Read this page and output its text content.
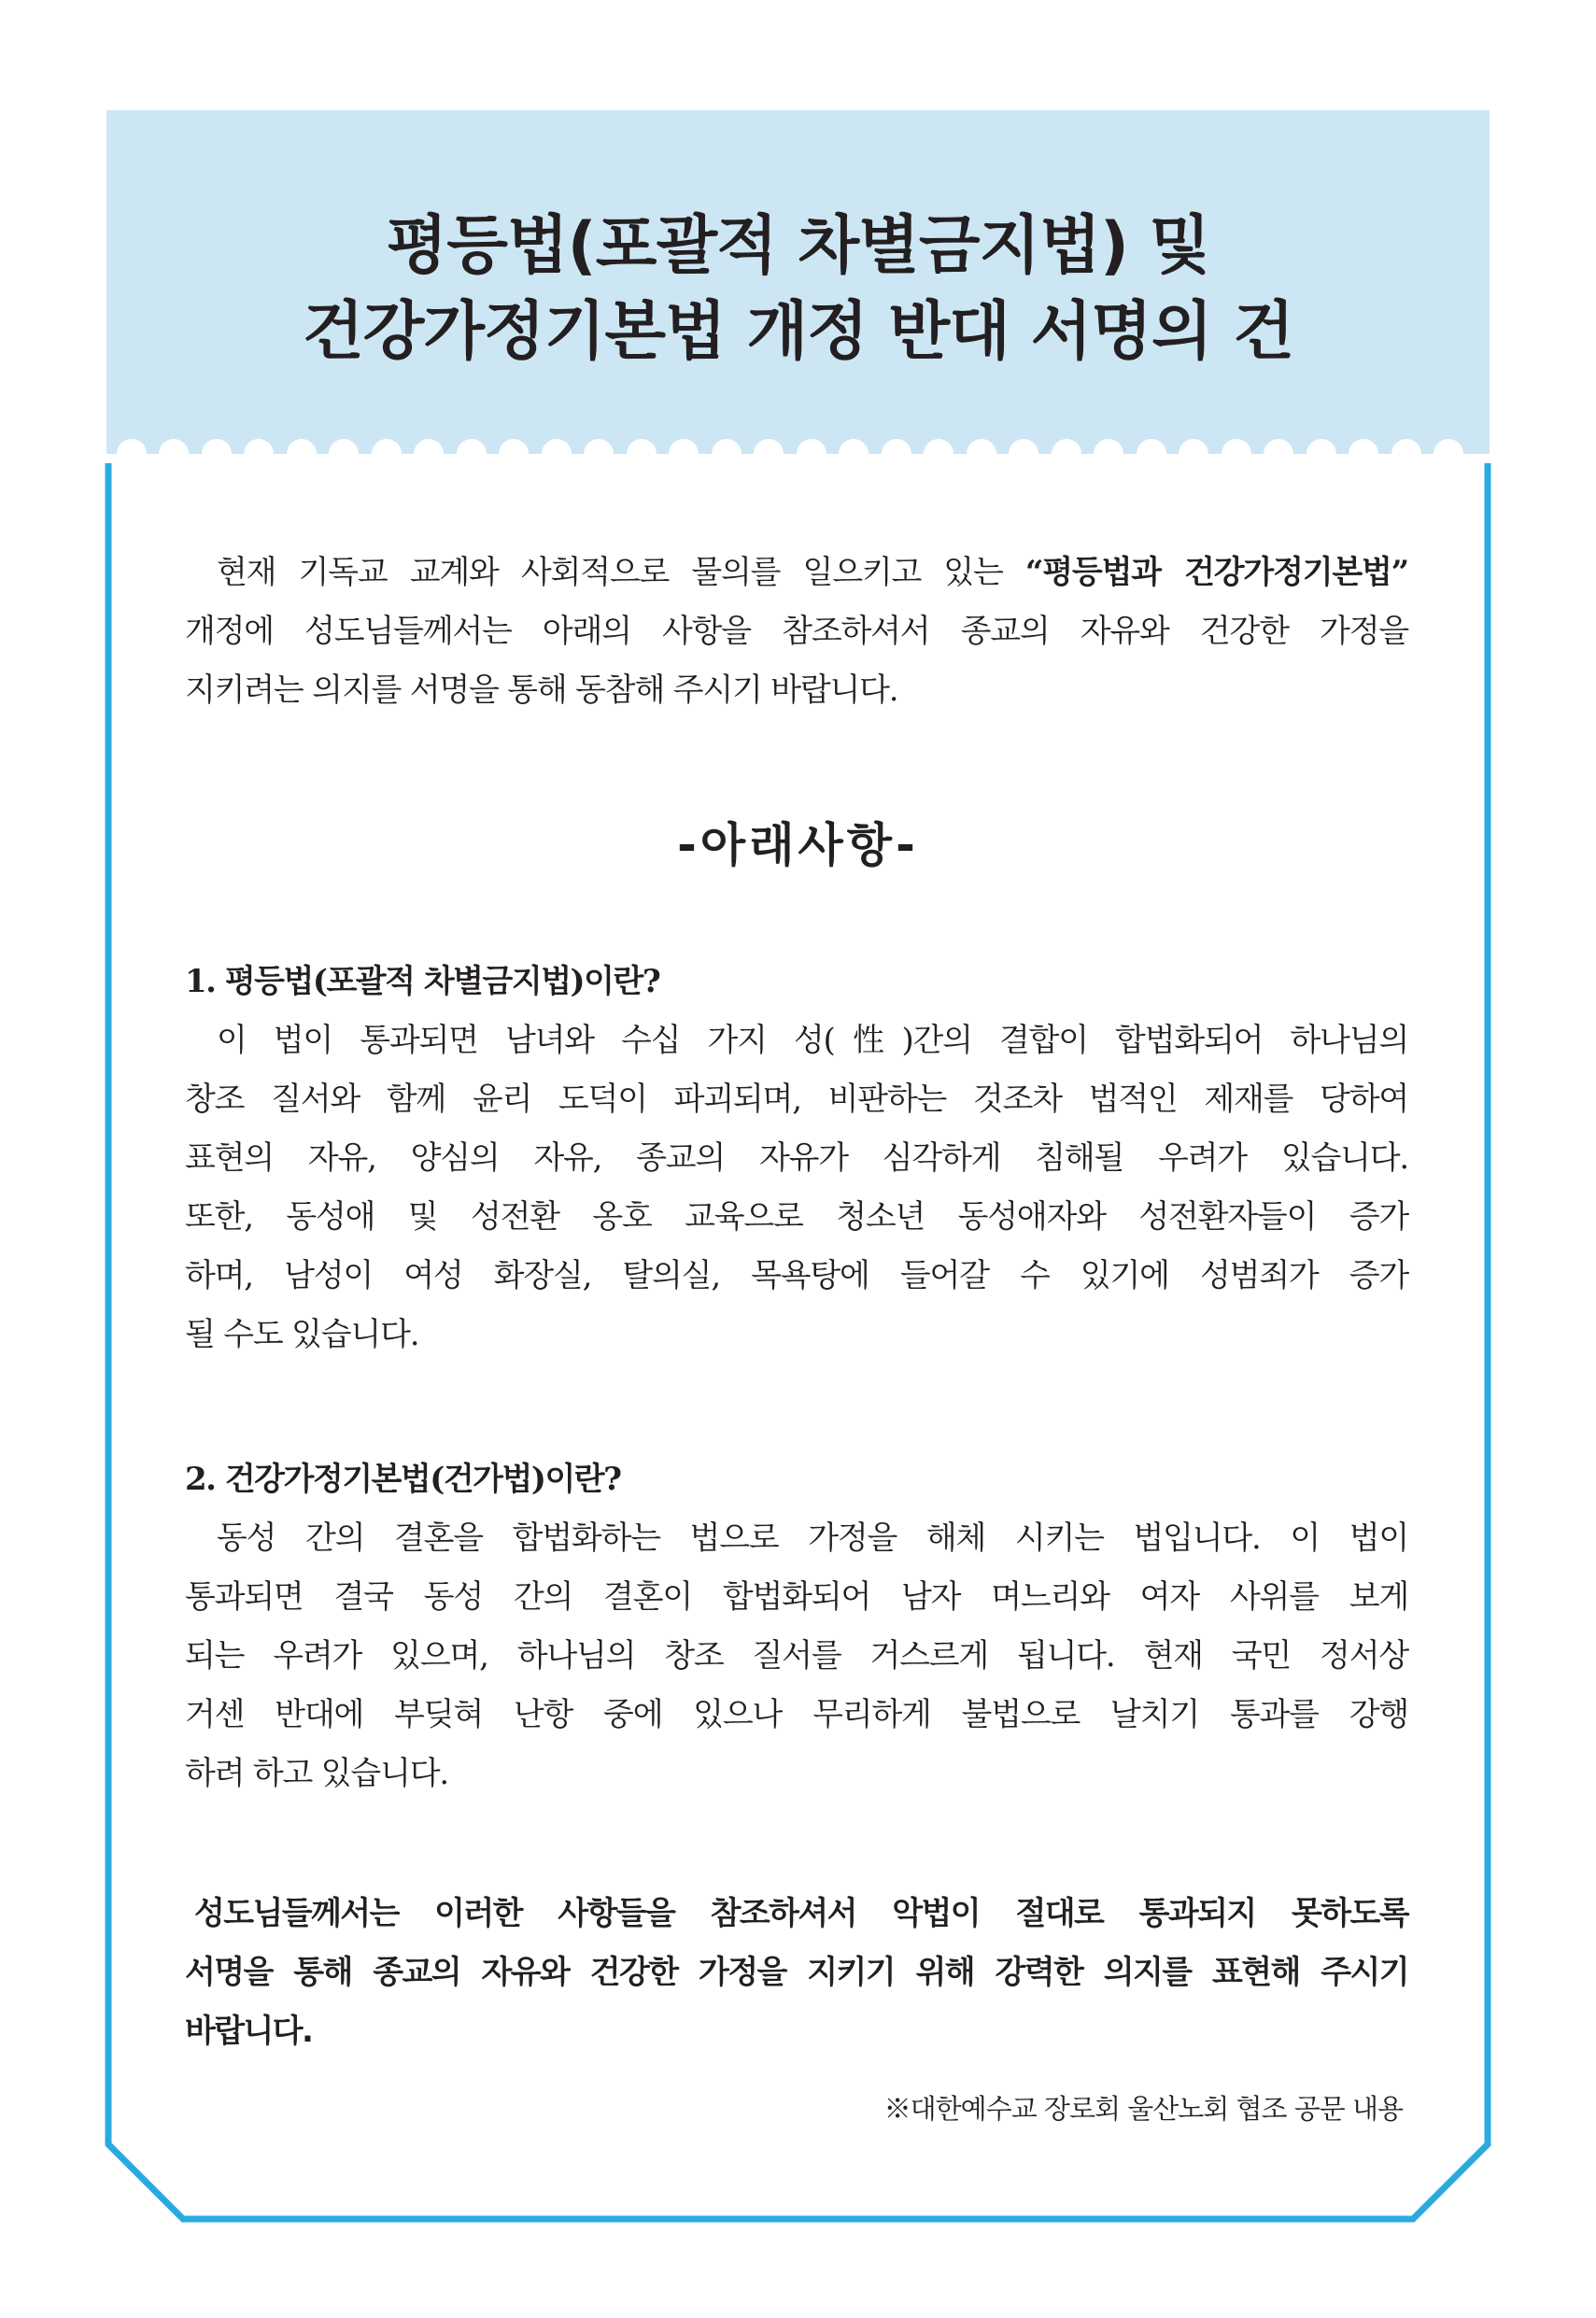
평등법(포괄적 차별금지법) 및
건강가정기본법 개정 반대 서명의 건

현재 기독교 교계와 사회적으로 물의를 일으키고 있는 “평등법과 건강가정기본법”

개정에 성도님들께서는 아래의 사항을 참조하셔서 종교의 자유와 건강한 가정을

지키려는 의지를 서명을 통해 동참해 주시기 바랍니다.

-아래사항-

1. 평등법(포괄적 차별금지법)이란?

이 법이 통과되면 남녀와 수십 가지 성(性)간의 결합이 합법화되어 하나님의

창조 질서와 함께 윤리 도덕이 파괴되며, 비판하는 것조차 법적인 제재를 당하여

표현의 자유, 양심의 자유, 종교의 자유가 심각하게 침해될 우려가 있습니다.

또한, 동성애 및 성전환 옹호 교육으로 청소년 동성애자와 성전환자들이 증가

하며, 남성이 여성 화장실, 탈의실, 목욕탕에 들어갈 수 있기에 성범죄가 증가

될 수도 있습니다.

2. 건강가정기본법(건가법)이란?

동성 간의 결혼을 합법화하는 법으로 가정을 해체 시키는 법입니다. 이 법이

통과되면 결국 동성 간의 결혼이 합법화되어 남자 며느리와 여자 사위를 보게

되는 우려가 있으며, 하나님의 창조 질서를 거스르게 됩니다. 현재 국민 정서상

거센 반대에 부딪혀 난항 중에 있으나 무리하게 불법으로 날치기 통과를 강행

하려 하고 있습니다.

성도님들께서는 이러한 사항들을 참조하셔서 악법이 절대로 통과되지 못하도록

서명을 통해 종교의 자유와 건강한 가정을 지키기 위해 강력한 의지를 표현해 주시기

바랍니다.

※대한예수교 장로회 울산노회 협조 공문 내용
